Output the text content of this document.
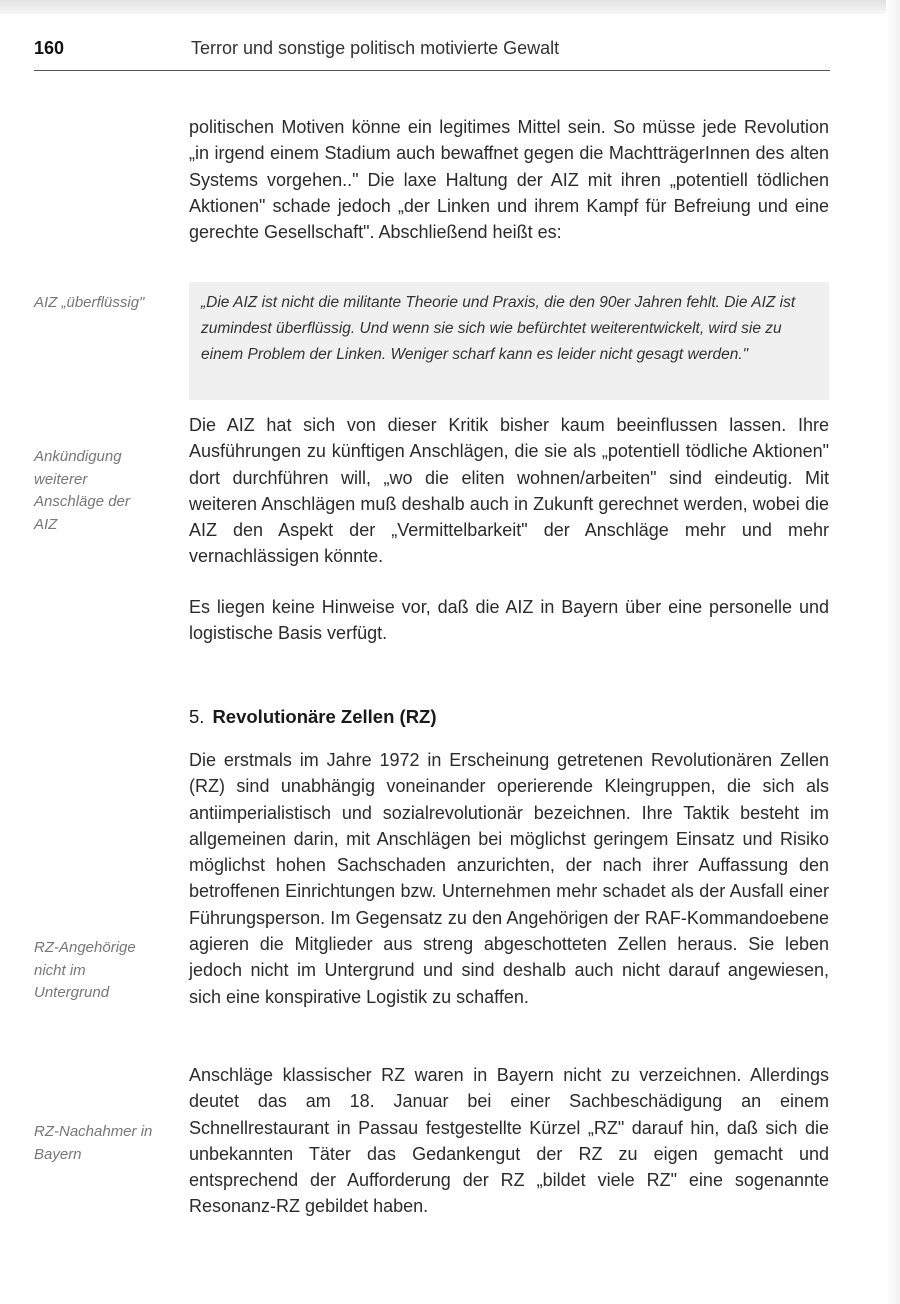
160	Terror und sonstige politisch motivierte Gewalt

politischen Motiven könne ein legitimes Mittel sein. So müsse jede Revolution „in irgend einem Stadium auch bewaffnet gegen die MachtträgerInnen des alten Systems vorgehen.." Die laxe Haltung der AIZ mit ihren „potentiell tödlichen Aktionen" schade jedoch „der Linken und ihrem Kampf für Befreiung und eine gerechte Gesellschaft". Abschließend heißt es:

AIZ „überflüssig"	„Die AIZ ist nicht die militante Theorie und Praxis, die den 90er Jahren fehlt. Die AIZ ist zumindest überflüssig. Und wenn sie sich wie befürchtet weiterentwickelt, wird sie zu einem Problem der Linken. Weniger scharf kann es leider nicht gesagt werden."
Ankündigung weiterer Anschläge der AIZ

Die AIZ hat sich von dieser Kritik bisher kaum beeinflussen lassen. Ihre Ausführungen zu künftigen Anschlägen, die sie als „potentiell tödliche Aktionen" dort durchführen will, „wo die eliten wohnen/arbeiten" sind eindeutig. Mit weiteren Anschlägen muß deshalb auch in Zukunft gerechnet werden, wobei die AIZ den Aspekt der „Vermittelbarkeit" der Anschläge mehr und mehr vernachlässigen könnte.

Es liegen keine Hinweise vor, daß die AIZ in Bayern über eine personelle und logistische Basis verfügt.

5. Revolutionäre Zellen (RZ)

Die erstmals im Jahre 1972 in Erscheinung getretenen Revolutionären Zellen (RZ) sind unabhängig voneinander operierende Kleingruppen, die sich als antiimperialistisch und sozialrevolutionär bezeichnen. Ihre Taktik besteht im allgemeinen darin, mit Anschlägen bei möglichst geringem Einsatz und Risiko möglichst hohen Sachschaden anzurichten, der nach ihrer Auffassung den betroffenen Einrichtungen bzw. Unternehmen mehr schadet als der Ausfall einer Führungsperson. Im Gegensatz zu den Angehörigen der RAF-Kommandoebene agieren die Mitglieder aus streng abgeschotteten Zellen heraus. Sie leben jedoch nicht im Untergrund und sind deshalb auch nicht darauf angewiesen, sich eine konspirative Logistik zu schaffen.

RZ-Angehörige nicht im Untergrund

Anschläge klassischer RZ waren in Bayern nicht zu verzeichnen. Allerdings deutet das am 18. Januar bei einer Sachbeschädigung an einem Schnellrestaurant in Passau festgestellte Kürzel „RZ" darauf hin, daß sich die unbekannten Täter das Gedankengut der RZ zu eigen gemacht und entsprechend der Aufforderung der RZ „bildet viele RZ" eine sogenannte Resonanz-RZ gebildet haben.

RZ-Nachahmer in Bayern
